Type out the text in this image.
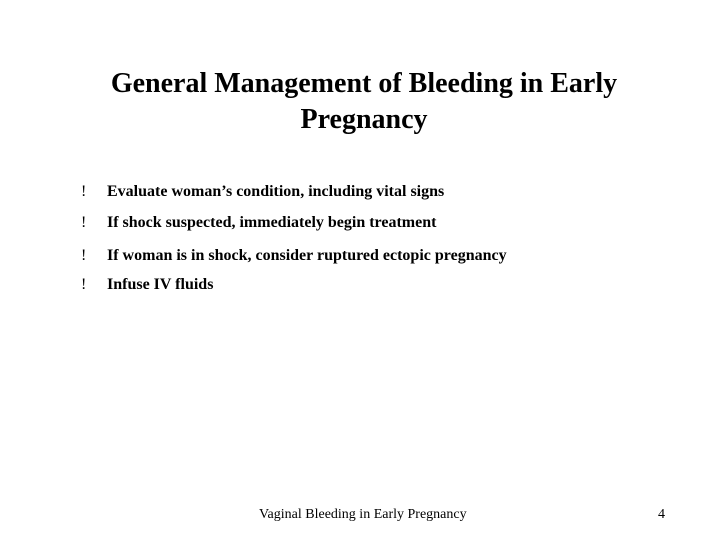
General Management of Bleeding in Early
Pregnancy
! Evaluate woman’s condition, including vital signs
! If shock suspected, immediately begin treatment
! If woman is in shock, consider ruptured ectopic pregnancy
! Infuse IV fluids
Vaginal Bleeding in Early Pregnancy	4
